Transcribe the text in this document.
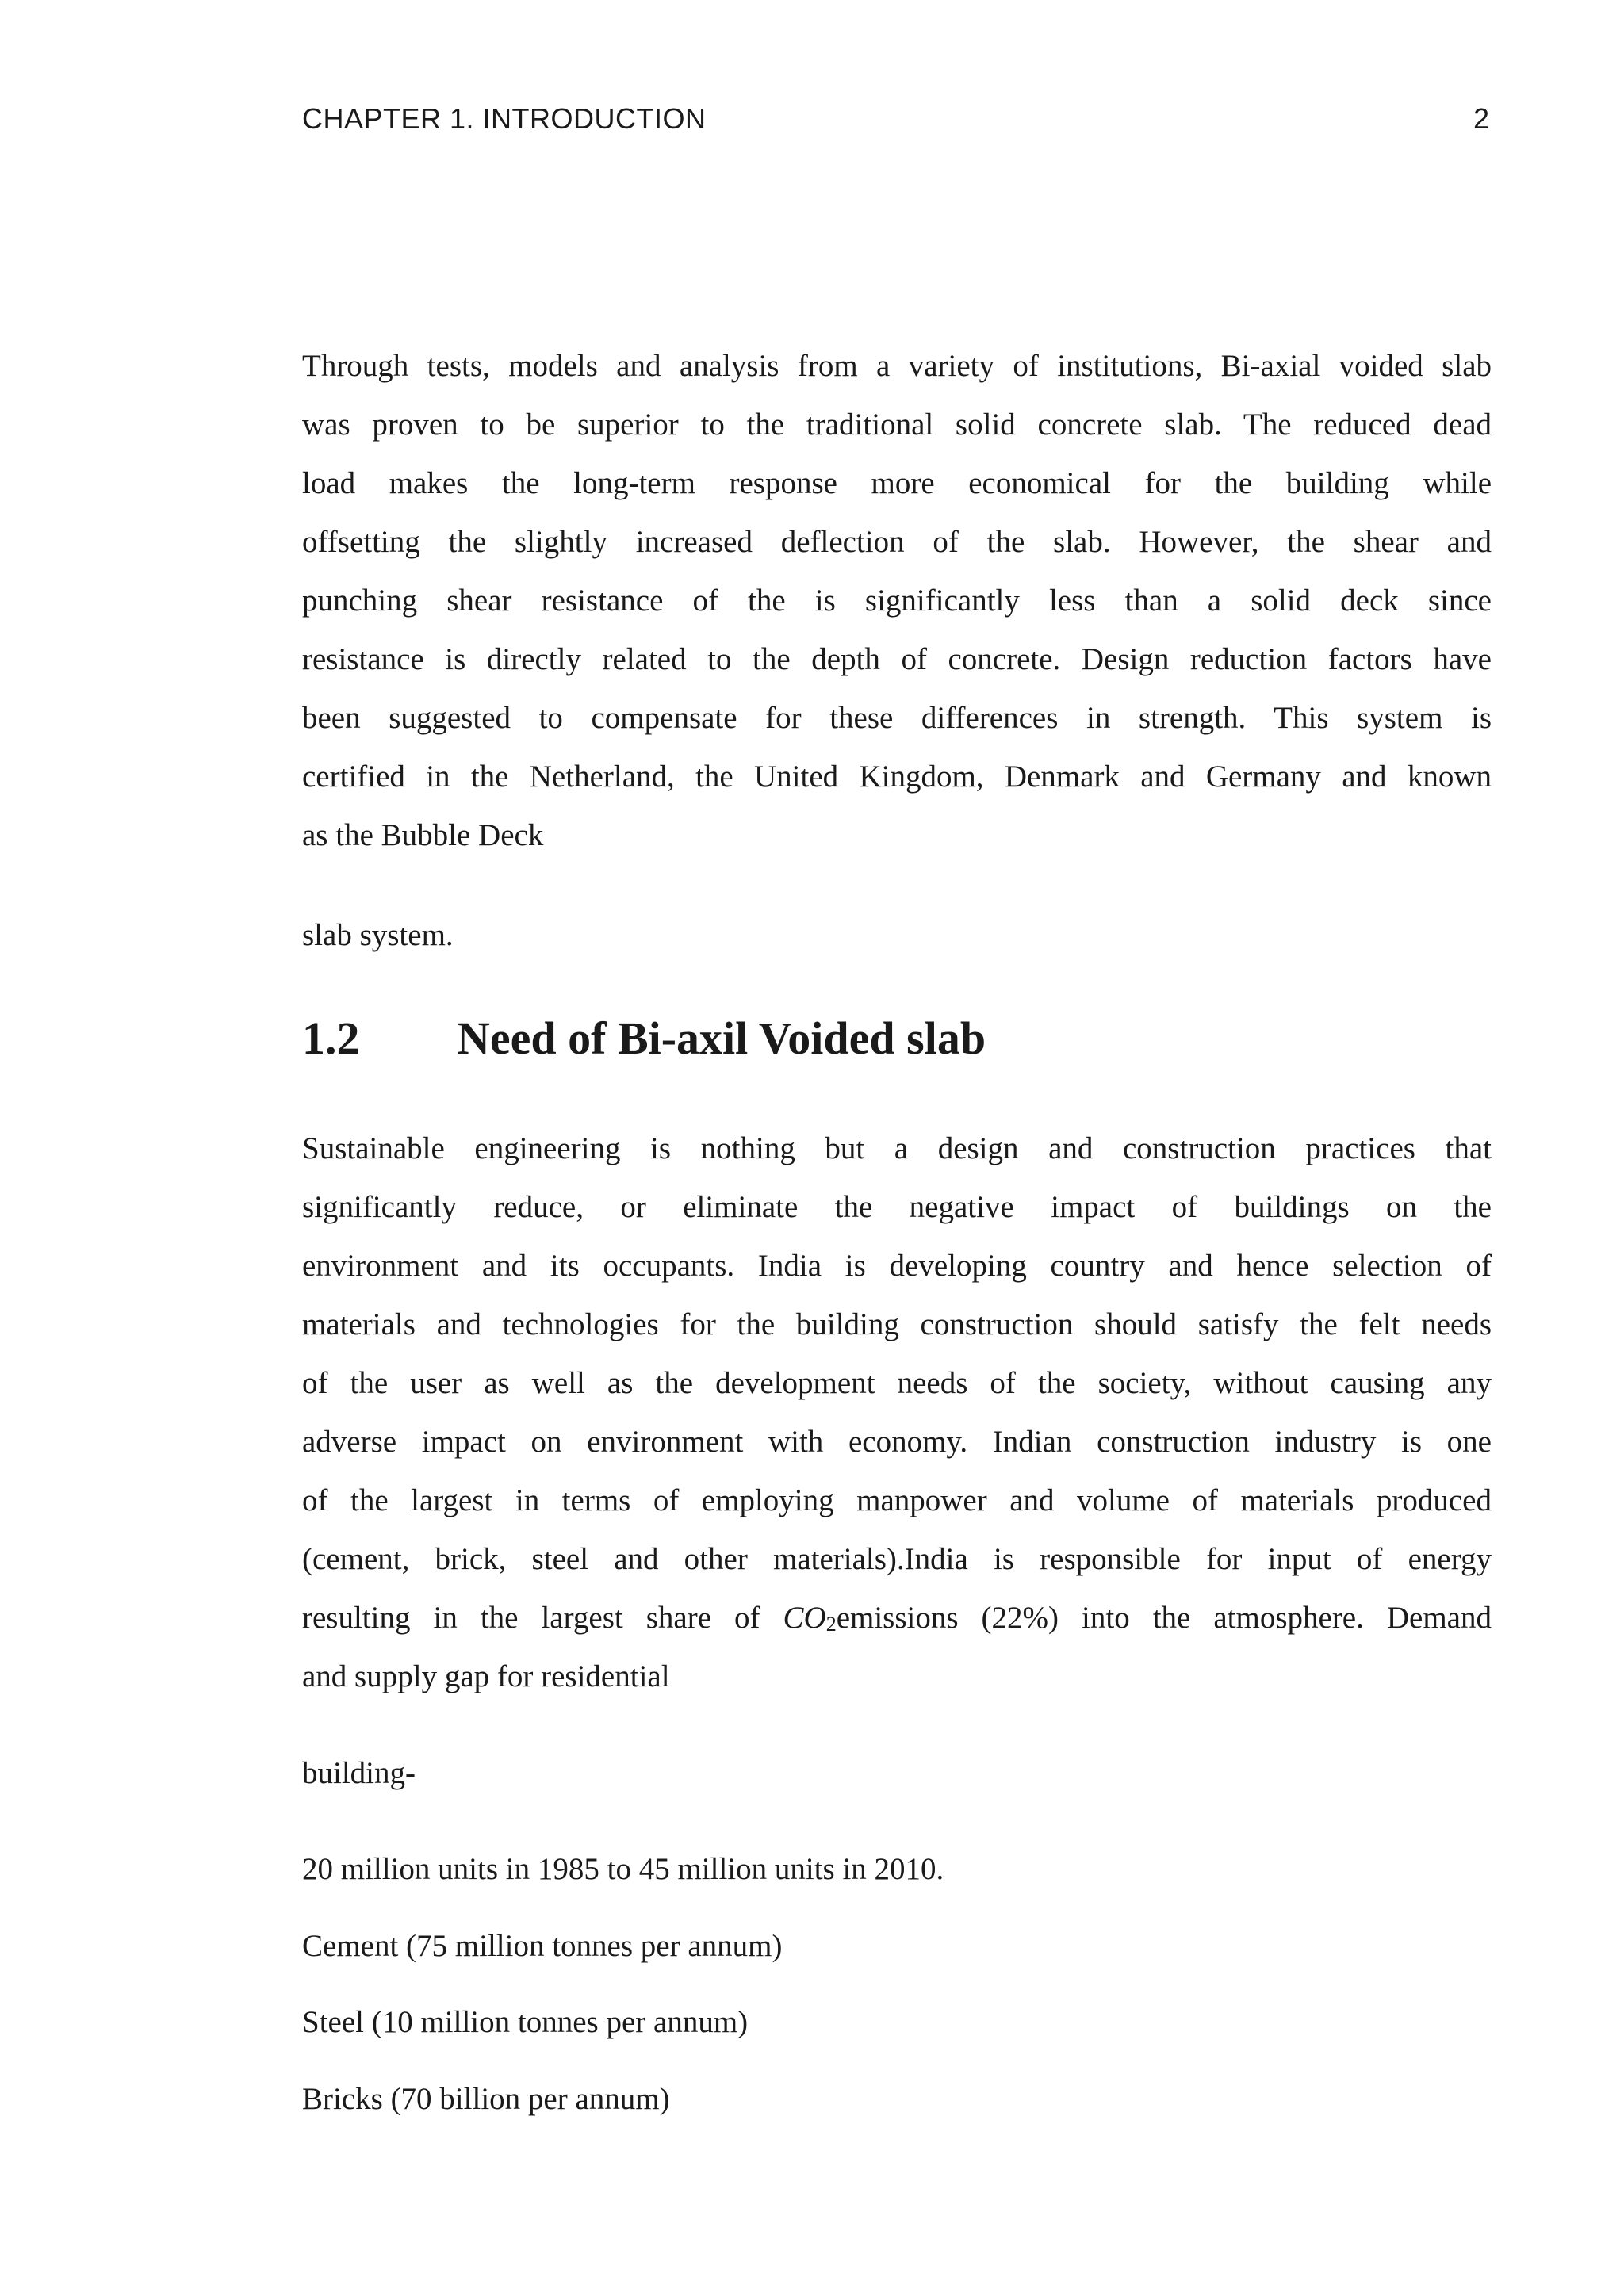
CHAPTER 1. INTRODUCTION	2
Through tests, models and analysis from a variety of institutions, Bi-axial voided slab
was proven to be superior to the traditional solid concrete slab. The reduced dead
load makes the long-term response more economical for the building while
offsetting the slightly increased deflection of the slab. However, the shear and
punching shear resistance of the is significantly less than a solid deck since
resistance is directly related to the depth of concrete. Design reduction factors have
been suggested to compensate for these differences in strength. This system is
certified in the Netherland, the United Kingdom, Denmark and Germany and known
as the Bubble Deck
slab system.
1.2 Need of Bi-axil Voided slab
Sustainable engineering is nothing but a design and construction practices that
significantly reduce, or eliminate the negative impact of buildings on the
environment and its occupants. India is developing country and hence selection of
materials and technologies for the building construction should satisfy the felt needs
of the user as well as the development needs of the society, without causing any
adverse impact on environment with economy. Indian construction industry is one
of the largest in terms of employing manpower and volume of materials produced
(cement, brick, steel and other materials).India is responsible for input of energy
resulting in the largest share of CO2emissions (22%) into the atmosphere. Demand
and supply gap for residential
building-
20 million units in 1985 to 45 million units in 2010.
Cement (75 million tonnes per annum)
Steel (10 million tonnes per annum)
Bricks (70 billion per annum)
